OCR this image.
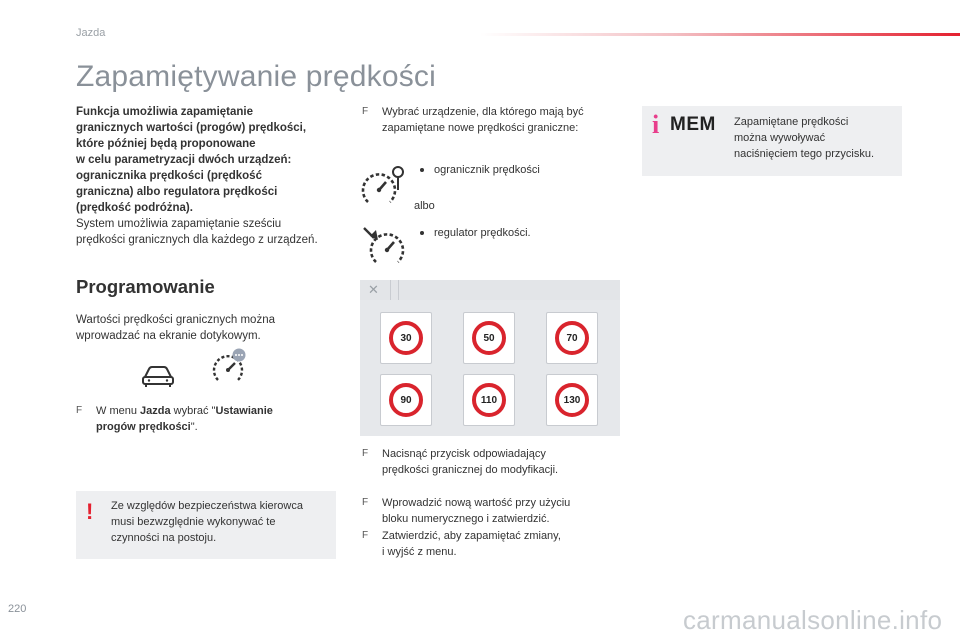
Jazda
Zapamiętywanie prędkości
Funkcja umożliwia zapamiętanie
granicznych wartości (progów) prędkości,
które później będą proponowane
w celu parametryzacji dwóch urządzeń:
ogranicznika prędkości (prędkość
graniczna) albo regulatora prędkości
(prędkość podróżna).
System umożliwia zapamiętanie sześciu
prędkości granicznych dla każdego z urządzeń.
Programowanie
Wartości prędkości granicznych można
wprowadzać na ekranie dotykowym.
F W menu Jazda wybrać "Ustawianie
progów prędkości".
! Ze względów bezpieczeństwa kierowca
musi bezwzględnie wykonywać te
czynności na postoju.
F Wybrać urządzenie, dla którego mają być
zapamiętane nowe prędkości graniczne:
ogranicznik prędkości
albo
regulator prędkości.
✕
30	50	70
90	110	130
F Nacisnąć przycisk odpowiadający
prędkości granicznej do modyfikacji.
F Wprowadzić nową wartość przy użyciu
bloku numerycznego i zatwierdzić.
F Zatwierdzić, aby zapamiętać zmiany,
i wyjść z menu.
i MEM Zapamiętane prędkości
można wywoływać
naciśnięciem tego przycisku.
220	carmanualsonline.info
